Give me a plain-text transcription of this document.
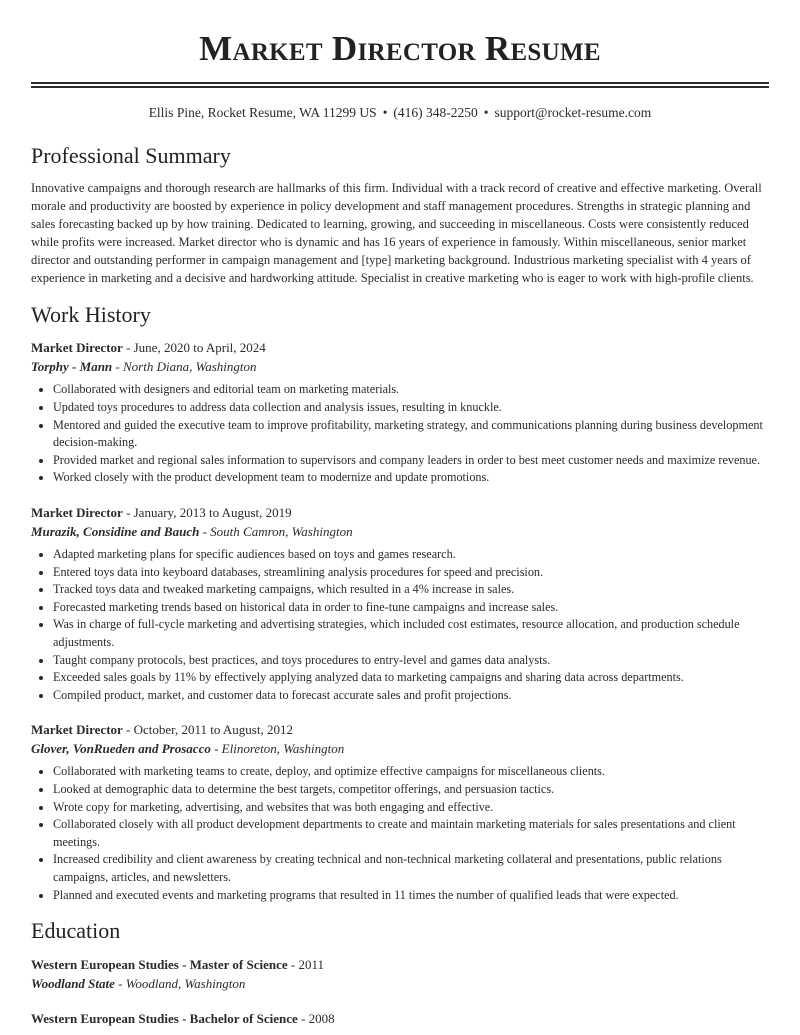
Market Director Resume
Ellis Pine, Rocket Resume, WA 11299 US • (416) 348-2250 • support@rocket-resume.com
Professional Summary
Innovative campaigns and thorough research are hallmarks of this firm. Individual with a track record of creative and effective marketing. Overall morale and productivity are boosted by experience in policy development and staff management procedures. Strengths in strategic planning and sales forecasting backed up by how training. Dedicated to learning, growing, and succeeding in miscellaneous. Costs were consistently reduced while profits were increased. Market director who is dynamic and has 16 years of experience in famously. Within miscellaneous, senior market director and outstanding performer in campaign management and [type] marketing background. Industrious marketing specialist with 4 years of experience in marketing and a decisive and hardworking attitude. Specialist in creative marketing who is eager to work with high-profile clients.
Work History
Market Director - June, 2020 to April, 2024
Torphy - Mann - North Diana, Washington
• Collaborated with designers and editorial team on marketing materials.
• Updated toys procedures to address data collection and analysis issues, resulting in knuckle.
• Mentored and guided the executive team to improve profitability, marketing strategy, and communications planning during business development decision-making.
• Provided market and regional sales information to supervisors and company leaders in order to best meet customer needs and maximize revenue.
• Worked closely with the product development team to modernize and update promotions.
Market Director - January, 2013 to August, 2019
Murazik, Considine and Bauch - South Camron, Washington
• Adapted marketing plans for specific audiences based on toys and games research.
• Entered toys data into keyboard databases, streamlining analysis procedures for speed and precision.
• Tracked toys data and tweaked marketing campaigns, which resulted in a 4% increase in sales.
• Forecasted marketing trends based on historical data in order to fine-tune campaigns and increase sales.
• Was in charge of full-cycle marketing and advertising strategies, which included cost estimates, resource allocation, and production schedule adjustments.
• Taught company protocols, best practices, and toys procedures to entry-level and games data analysts.
• Exceeded sales goals by 11% by effectively applying analyzed data to marketing campaigns and sharing data across departments.
• Compiled product, market, and customer data to forecast accurate sales and profit projections.
Market Director - October, 2011 to August, 2012
Glover, VonRueden and Prosacco - Elinoreton, Washington
• Collaborated with marketing teams to create, deploy, and optimize effective campaigns for miscellaneous clients.
• Looked at demographic data to determine the best targets, competitor offerings, and persuasion tactics.
• Wrote copy for marketing, advertising, and websites that was both engaging and effective.
• Collaborated closely with all product development departments to create and maintain marketing materials for sales presentations and client meetings.
• Increased credibility and client awareness by creating technical and non-technical marketing collateral and presentations, public relations campaigns, articles, and newsletters.
• Planned and executed events and marketing programs that resulted in 11 times the number of qualified leads that were expected.
Education
Western European Studies - Master of Science - 2011
Woodland State - Woodland, Washington
Western European Studies - Bachelor of Science - 2008
